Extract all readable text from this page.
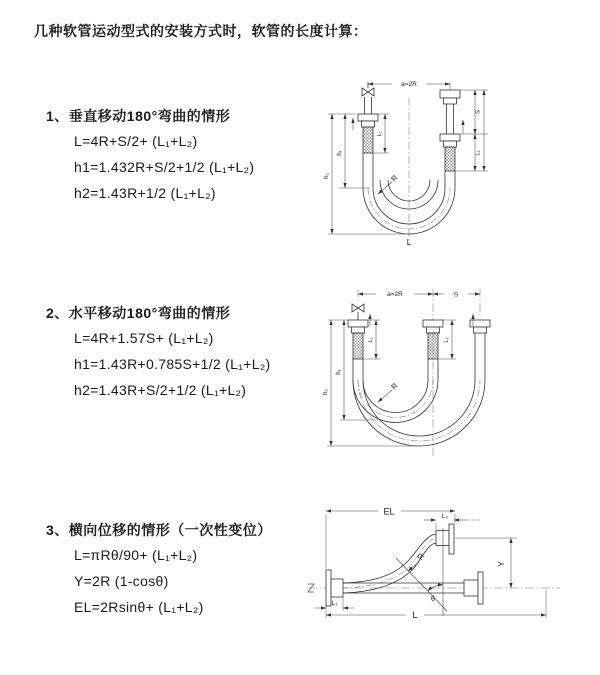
几种软管运动型式的安装方式时，软管的长度计算：
1、垂直移动180°弯曲的情形
L=4R+S/2+ (L₁+L₂)
h1=1.432R+S/2+1/2 (L₁+L₂)
h2=1.43R+1/2 (L₁+L₂)
2、水平移动180°弯曲的情形
L=4R+1.57S+ (L₁+L₂)
h1=1.43R+0.785S+1/2 (L₁+L₂)
h2=1.43R+S/2+1/2 (L₁+L₂)
3、横向位移的情形（一次性变位）
L=πRθ/90+ (L₁+L₂)
Y=2R (1-cosθ)
EL=2Rsinθ+ (L₁+L₂)
a=2R
h₁
h₂
L₁
S
L₂
R
L
a=2R	S
h₁
h₂
L₁	L₂
R
EL	L₂
Y
L₁
L
R
θ
